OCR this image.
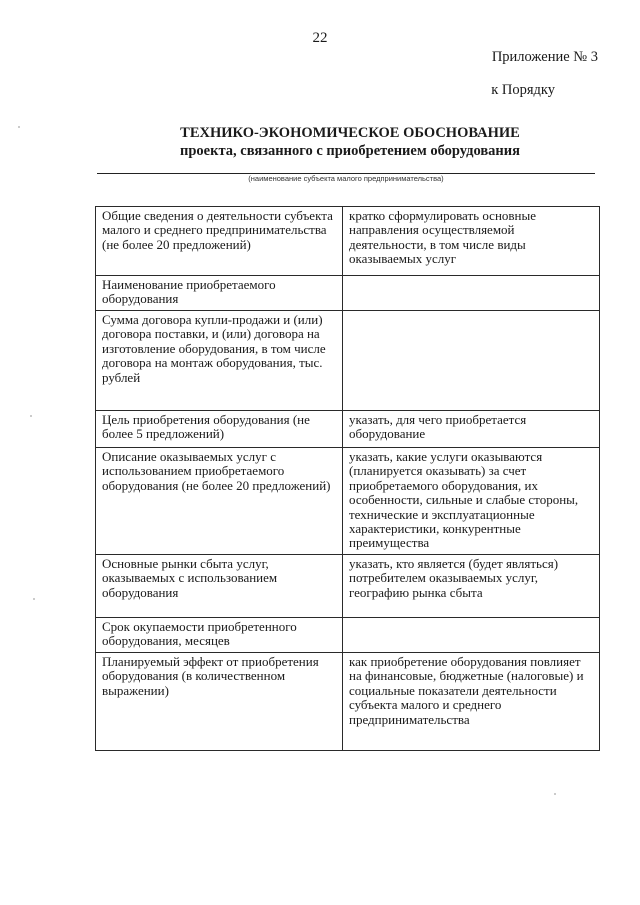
22
Приложение № 3
к Порядку
ТЕХНИКО-ЭКОНОМИЧЕСКОЕ ОБОСНОВАНИЕ
проекта, связанного с приобретением оборудования
(наименование субъекта малого предпринимательства)
Общие сведения о деятельности субъекта малого и среднего предпринимательства (не более 20 предложений)	кратко сформулировать основные направления осуществляемой деятельности, в том числе виды оказываемых услуг
Наименование приобретаемого оборудования	
Сумма договора купли-продажи и (или) договора поставки, и (или) договора на изготовление оборудования, в том числе договора на монтаж оборудования, тыс. рублей	
Цель приобретения оборудования (не более 5 предложений)	указать, для чего приобретается оборудование
Описание оказываемых услуг с использованием приобретаемого оборудования (не более 20 предложений)	указать, какие услуги оказываются (планируется оказывать) за счет приобретаемого оборудования, их особенности, сильные и слабые стороны, технические и эксплуатационные характеристики, конкурентные преимущества
Основные рынки сбыта услуг, оказываемых с использованием оборудования	указать, кто является (будет являться) потребителем оказываемых услуг, географию рынка сбыта
Срок окупаемости приобретенного оборудования, месяцев	
Планируемый эффект от приобретения оборудования (в количественном выражении)	как приобретение оборудования повлияет на финансовые, бюджетные (налоговые) и социальные показатели деятельности субъекта малого и среднего предпринимательства
